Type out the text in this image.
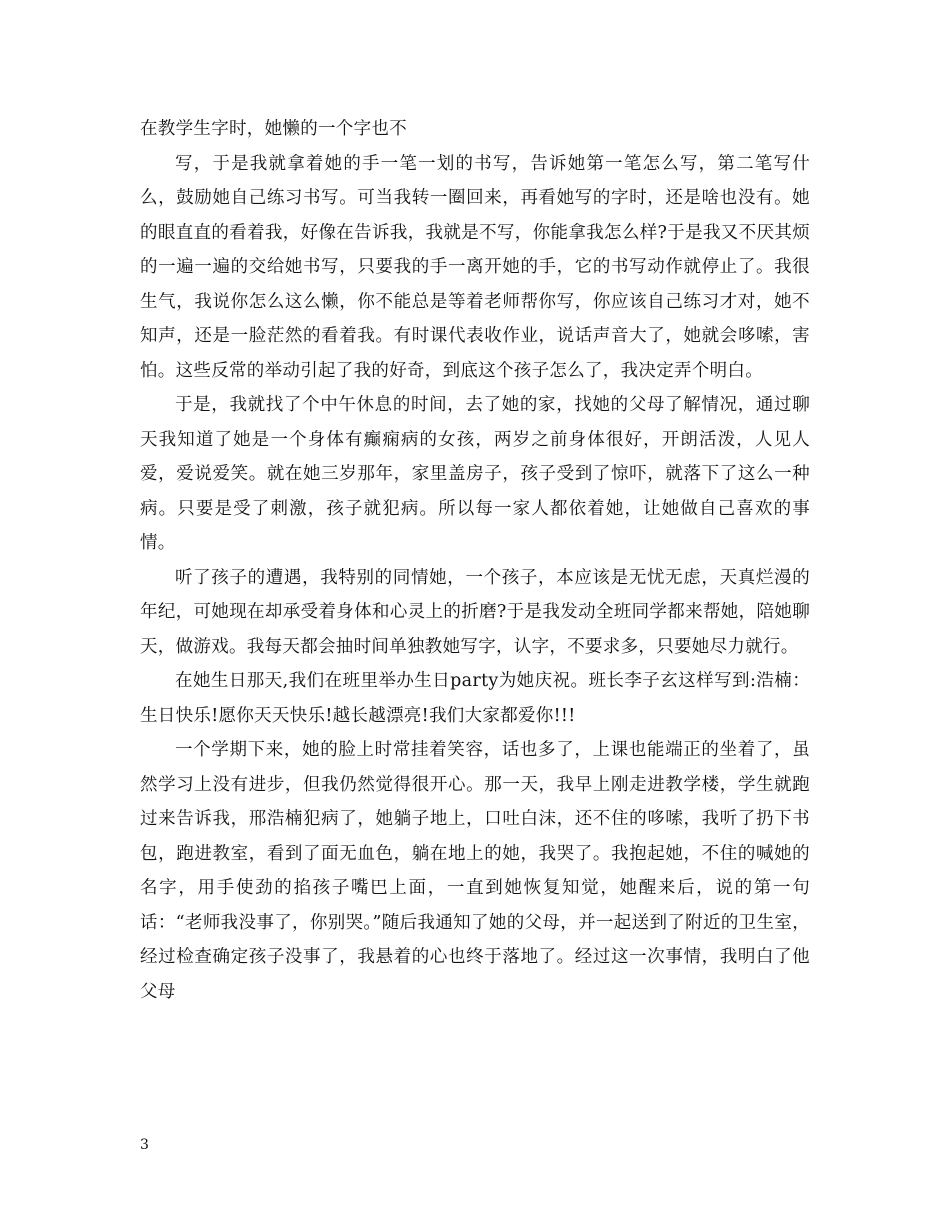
在教学生字时，她懒的一个字也不

写，于是我就拿着她的手一笔一划的书写，告诉她第一笔怎么写，第二笔写什么，鼓励她自己练习书写。可当我转一圈回来，再看她写的字时，还是啥也没有。她的眼直直的看着我，好像在告诉我，我就是不写，你能拿我怎么样?于是我又不厌其烦的一遍一遍的交给她书写，只要我的手一离开她的手，它的书写动作就停止了。我很生气，我说你怎么这么懒，你不能总是等着老师帮你写，你应该自己练习才对，她不知声，还是一脸茫然的看着我。有时课代表收作业，说话声音大了，她就会哆嗦，害怕。这些反常的举动引起了我的好奇，到底这个孩子怎么了，我决定弄个明白。

于是，我就找了个中午休息的时间，去了她的家，找她的父母了解情况，通过聊天我知道了她是一个身体有癫痫病的女孩，两岁之前身体很好，开朗活泼，人见人爱，爱说爱笑。就在她三岁那年，家里盖房子，孩子受到了惊吓，就落下了这么一种病。只要是受了刺激，孩子就犯病。所以每一家人都依着她，让她做自己喜欢的事情。

听了孩子的遭遇，我特别的同情她，一个孩子，本应该是无忧无虑，天真烂漫的年纪，可她现在却承受着身体和心灵上的折磨?于是我发动全班同学都来帮她，陪她聊天，做游戏。我每天都会抽时间单独教她写字，认字，不要求多，只要她尽力就行。

在她生日那天,我们在班里举办生日party为她庆祝。班长李子玄这样写到:浩楠：生日快乐!愿你天天快乐!越长越漂亮!我们大家都爱你!!!

一个学期下来，她的脸上时常挂着笑容，话也多了，上课也能端正的坐着了，虽然学习上没有进步，但我仍然觉得很开心。那一天，我早上刚走进教学楼，学生就跑过来告诉我，邢浩楠犯病了，她躺子地上，口吐白沫，还不住的哆嗦，我听了扔下书包，跑进教室，看到了面无血色，躺在地上的她，我哭了。我抱起她，不住的喊她的名字，用手使劲的掐孩子嘴巴上面，一直到她恢复知觉，她醒来后，说的第一句话：“老师我没事了，你别哭。”随后我通知了她的父母，并一起送到了附近的卫生室，经过检查确定孩子没事了，我悬着的心也终于落地了。经过这一次事情，我明白了他父母

3
